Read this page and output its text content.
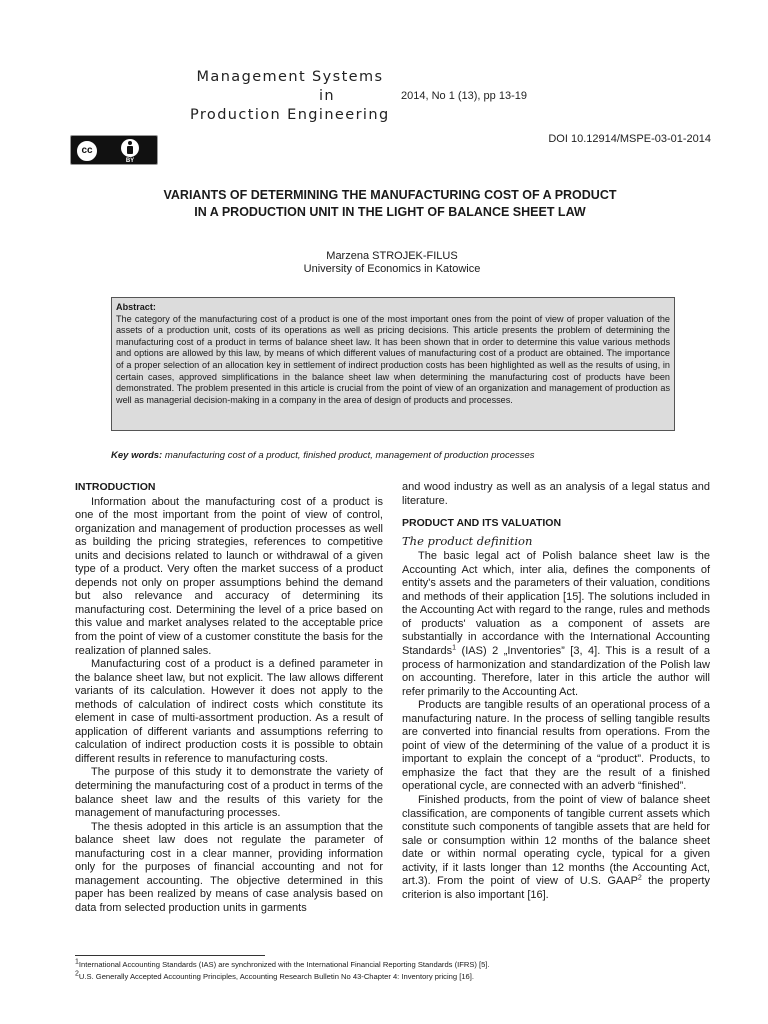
Management Systems
in
Production Engineering
2014, No 1 (13), pp 13-19
cc
BY
DOI 10.12914/MSPE-03-01-2014
VARIANTS OF DETERMINING THE MANUFACTURING COST OF A PRODUCT
IN A PRODUCTION UNIT IN THE LIGHT OF BALANCE SHEET LAW
Marzena STROJEK-FILUS
University of Economics in Katowice
Abstract:
The category of the manufacturing cost of a product is one of the most important ones from the point of view of proper valuation of the assets of a production unit, costs of its operations as well as pricing decisions. This article presents the problem of determining the manufacturing cost of a product in terms of balance sheet law. It has been shown that in order to determine this value various methods and options are allowed by this law, by means of which different values of manufacturing cost of a product are obtained. The importance of a proper selection of an allocation key in settlement of indirect production costs has been highlighted as well as the results of using, in certain cases, approved simplifications in the balance sheet law when determining the manufacturing cost of products have been demonstrated. The problem presented in this article is crucial from the point of view of an organization and management of production as well as managerial decision-making in a company in the area of design of products and processes.
Key words: manufacturing cost of a product, finished product, management of production processes
INTRODUCTION

Information about the manufacturing cost of a product is one of the most important from the point of view of control, organization and management of production processes as well as building the pricing strategies, references to competitive units and decisions related to launch or withdrawal of a given type of a product. Very often the market success of a product depends not only on proper assumptions behind the demand but also relevance and accuracy of determining its manufacturing cost. Determining the level of a price based on this value and market analyses related to the acceptable price from the point of view of a customer constitute the basis for the realization of planned sales.

Manufacturing cost of a product is a defined parameter in the balance sheet law, but not explicit. The law allows different variants of its calculation. However it does not apply to the methods of calculation of indirect costs which constitute its element in case of multi-assortment production. As a result of application of different variants and assumptions referring to calculation of indirect production costs it is possible to obtain different results in reference to manufacturing costs.

The purpose of this study it to demonstrate the variety of determining the manufacturing cost of a product in terms of the balance sheet law and the results of this variety for the management of manufacturing processes.

The thesis adopted in this article is an assumption that the balance sheet law does not regulate the parameter of manufacturing cost in a clear manner, providing information only for the purposes of financial accounting and not for management accounting. The objective determined in this paper has been realized by means of case analysis based on data from selected production units in garments

and wood industry as well as an analysis of a legal status and literature.

PRODUCT AND ITS VALUATION
The product definition

The basic legal act of Polish balance sheet law is the Accounting Act which, inter alia, defines the components of entity's assets and the parameters of their valuation, conditions and methods of their application [15]. The solutions included in the Accounting Act with regard to the range, rules and methods of products' valuation as a component of assets are substantially in accordance with the International Accounting Standards$^1$ (IAS) 2 „Inventories” [3, 4]. This is a result of a process of harmonization and standardization of the Polish law on accounting. Therefore, later in this article the author will refer primarily to the Accounting Act.

Products are tangible results of an operational process of a manufacturing nature. In the process of selling tangible results are converted into financial results from operations. From the point of view of the determining of the value of a product it is important to explain the concept of a “product”. Products, to emphasize the fact that they are the result of a finished operational cycle, are connected with an adverb “finished”.

Finished products, from the point of view of balance sheet classification, are components of tangible current assets which constitute such components of tangible assets that are held for sale or consumption within 12 months of the balance sheet date or within normal operating cycle, typical for a given activity, if it lasts longer than 12 months (the Accounting Act, art.3). From the point of view of U.S. GAAP$^2$ the property criterion is also important [16].

$^1$International Accounting Standards (IAS) are synchronized with the International Financial Reporting Standards (IFRS) [5].
$^2$U.S. Generally Accepted Accounting Principles, Accounting Research Bulletin No 43-Chapter 4: Inventory pricing [16].
